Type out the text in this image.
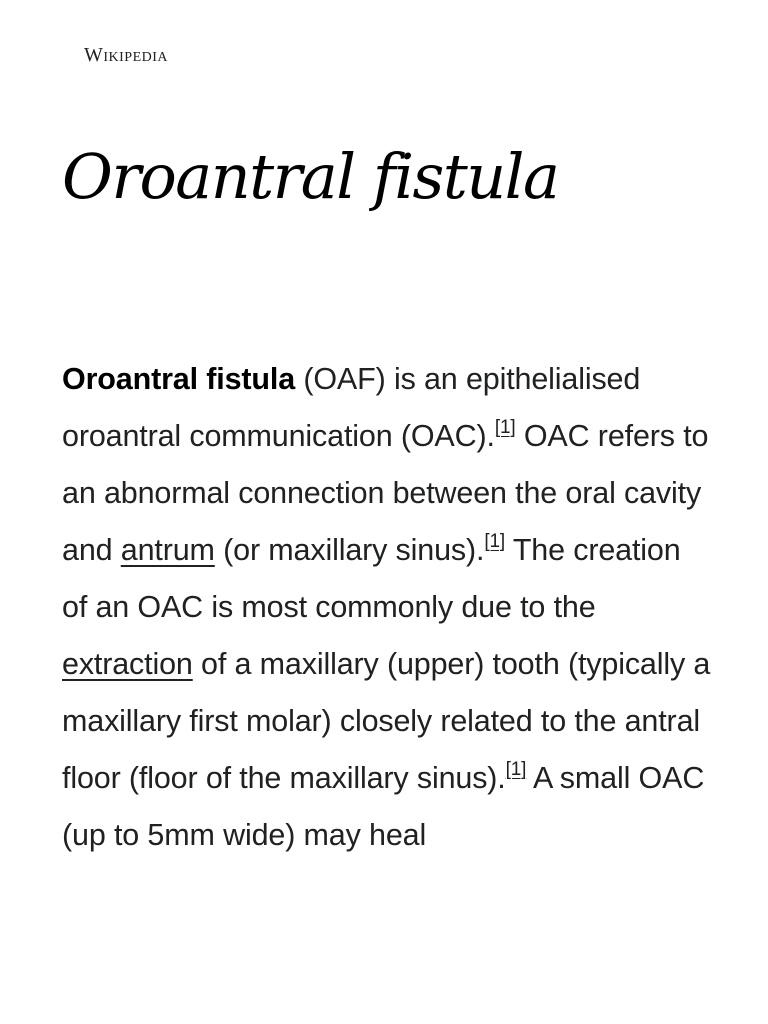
Wikipedia
Oroantral fistula

Oroantral fistula (OAF) is an epithelialised oroantral communication (OAC).[1] OAC refers to an abnormal connection between the oral cavity and antrum (or maxillary sinus).[1] The creation of an OAC is most commonly due to the extraction of a maxillary (upper) tooth (typically a maxillary first molar) closely related to the antral floor (floor of the maxillary sinus).[1] A small OAC (up to 5mm wide) may heal
